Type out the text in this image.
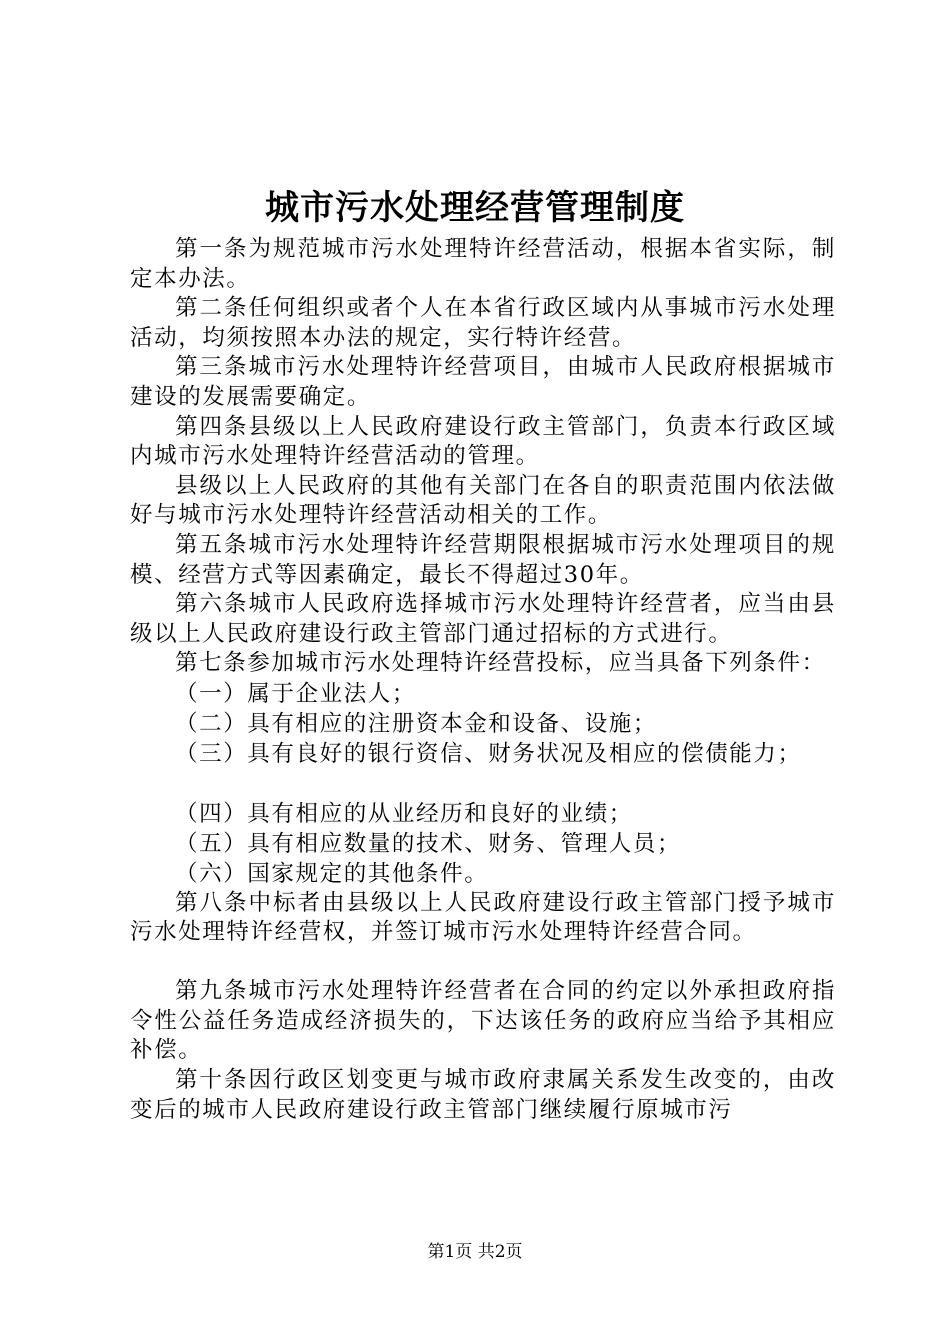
城市污水处理经营管理制度

第一条为规范城市污水处理特许经营活动，根据本省实际，制定本办法。

第二条任何组织或者个人在本省行政区域内从事城市污水处理活动，均须按照本办法的规定，实行特许经营。

第三条城市污水处理特许经营项目，由城市人民政府根据城市建设的发展需要确定。

第四条县级以上人民政府建设行政主管部门，负责本行政区域内城市污水处理特许经营活动的管理。

县级以上人民政府的其他有关部门在各自的职责范围内依法做好与城市污水处理特许经营活动相关的工作。

第五条城市污水处理特许经营期限根据城市污水处理项目的规模、经营方式等因素确定，最长不得超过30年。

第六条城市人民政府选择城市污水处理特许经营者，应当由县级以上人民政府建设行政主管部门通过招标的方式进行。

第七条参加城市污水处理特许经营投标，应当具备下列条件：

（一）属于企业法人；

（二）具有相应的注册资本金和设备、设施；

（三）具有良好的银行资信、财务状况及相应的偿债能力；

（四）具有相应的从业经历和良好的业绩；

（五）具有相应数量的技术、财务、管理人员；

（六）国家规定的其他条件。

第八条中标者由县级以上人民政府建设行政主管部门授予城市污水处理特许经营权，并签订城市污水处理特许经营合同。

第九条城市污水处理特许经营者在合同的约定以外承担政府指令性公益任务造成经济损失的，下达该任务的政府应当给予其相应补偿。

第十条因行政区划变更与城市政府隶属关系发生改变的，由改变后的城市人民政府建设行政主管部门继续履行原城市污

第1页 共2页
